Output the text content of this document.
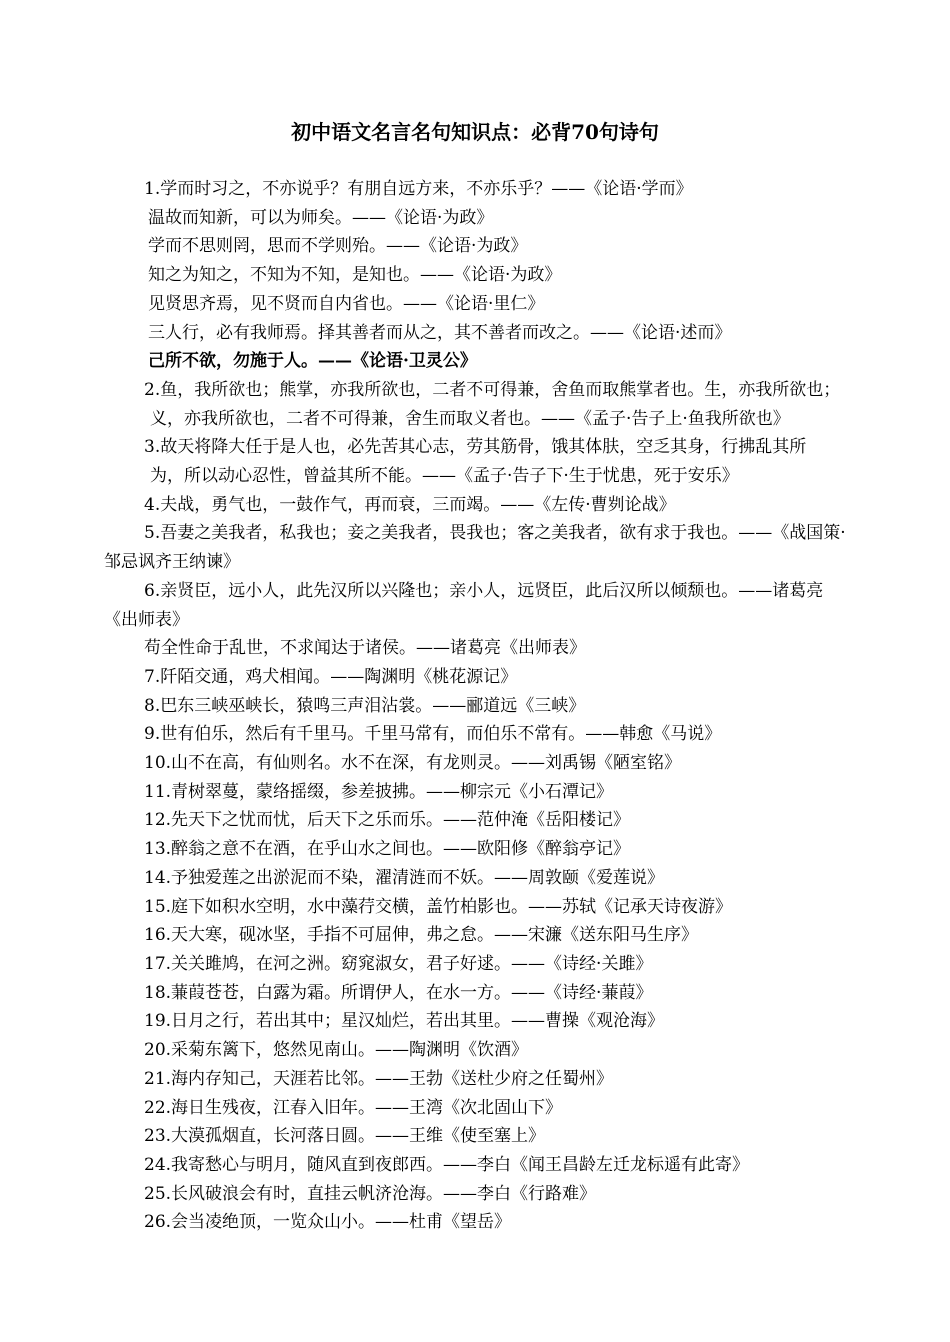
初中语文名言名句知识点：必背70句诗句

1.学而时习之，不亦说乎？有朋自远方来，不亦乐乎？——《论语·学而》

温故而知新，可以为师矣。——《论语·为政》

学而不思则罔，思而不学则殆。——《论语·为政》

知之为知之，不知为不知，是知也。——《论语·为政》

见贤思齐焉，见不贤而自内省也。——《论语·里仁》

三人行，必有我师焉。择其善者而从之，其不善者而改之。——《论语·述而》

己所不欲，勿施于人。——《论语·卫灵公》

2.鱼，我所欲也；熊掌，亦我所欲也，二者不可得兼，舍鱼而取熊掌者也。生，亦我所欲也；

义，亦我所欲也，二者不可得兼，舍生而取义者也。——《孟子·告子上·鱼我所欲也》

3.故天将降大任于是人也，必先苦其心志，劳其筋骨，饿其体肤，空乏其身，行拂乱其所

为，所以动心忍性，曾益其所不能。——《孟子·告子下·生于忧患，死于安乐》

4.夫战，勇气也，一鼓作气，再而衰，三而竭。——《左传·曹刿论战》

5.吾妻之美我者，私我也；妾之美我者，畏我也；客之美我者，欲有求于我也。——《战国策·邹忌讽齐王纳谏》

6.亲贤臣，远小人，此先汉所以兴隆也；亲小人，远贤臣，此后汉所以倾颓也。——诸葛亮《出师表》

苟全性命于乱世，不求闻达于诸侯。——诸葛亮《出师表》

7.阡陌交通，鸡犬相闻。——陶渊明《桃花源记》

8.巴东三峡巫峡长，猿鸣三声泪沾裳。——郦道远《三峡》

9.世有伯乐，然后有千里马。千里马常有，而伯乐不常有。——韩愈《马说》

10.山不在高，有仙则名。水不在深，有龙则灵。——刘禹锡《陋室铭》

11.青树翠蔓，蒙络摇缀，参差披拂。——柳宗元《小石潭记》

12.先天下之忧而忧，后天下之乐而乐。——范仲淹《岳阳楼记》

13.醉翁之意不在酒，在乎山水之间也。——欧阳修《醉翁亭记》

14.予独爱莲之出淤泥而不染，濯清涟而不妖。——周敦颐《爱莲说》

15.庭下如积水空明，水中藻荇交横，盖竹柏影也。——苏轼《记承天诗夜游》

16.天大寒，砚冰坚，手指不可屈伸，弗之怠。——宋濂《送东阳马生序》

17.关关雎鸠，在河之洲。窈窕淑女，君子好逑。——《诗经·关雎》

18.蒹葭苍苍，白露为霜。所谓伊人，在水一方。——《诗经·蒹葭》

19.日月之行，若出其中；星汉灿烂，若出其里。——曹操《观沧海》

20.采菊东篱下，悠然见南山。——陶渊明《饮酒》

21.海内存知己，天涯若比邻。——王勃《送杜少府之任蜀州》

22.海日生残夜，江春入旧年。——王湾《次北固山下》

23.大漠孤烟直，长河落日圆。——王维《使至塞上》

24.我寄愁心与明月，随风直到夜郎西。——李白《闻王昌龄左迁龙标遥有此寄》

25.长风破浪会有时，直挂云帆济沧海。——李白《行路难》

26.会当凌绝顶，一览众山小。——杜甫《望岳》
